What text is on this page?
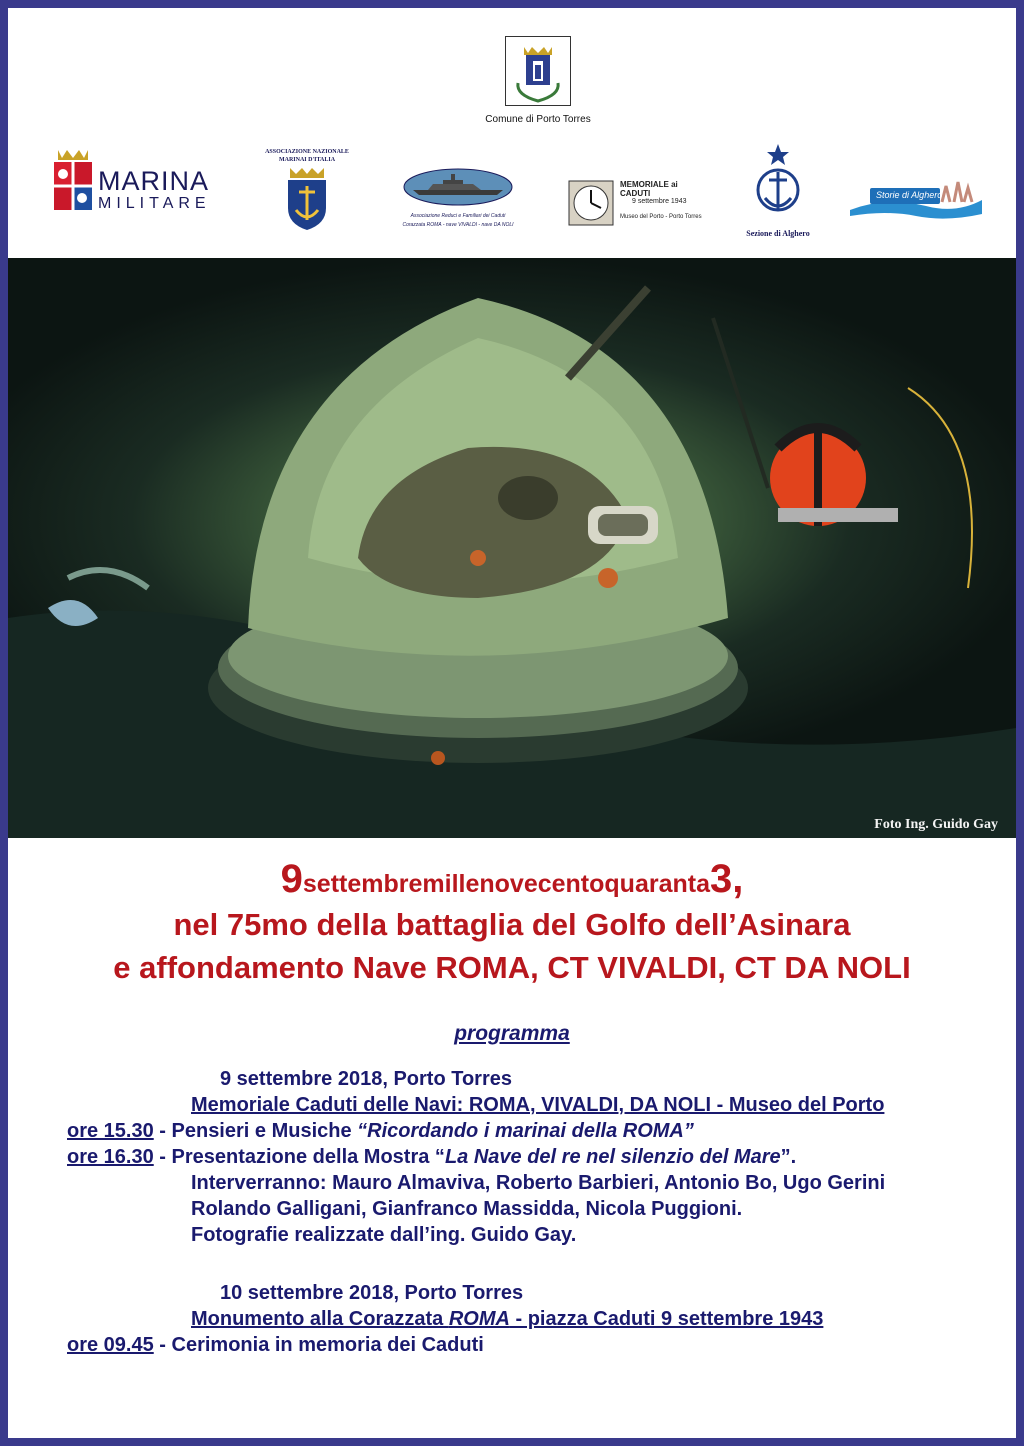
Comune di Porto Torres
MARINA
MILITARE
ASSOCIAZIONE NAZIONALE
MARINAI D'ITALIA
Associazione Reduci e Familiari dei Caduti
Corazzata ROMA - nave VIVALDI - nave DA NOLI
MEMORIALE ai CADUTI
9 settembre 1943
Museo del Porto - Porto Torres
Sezione di Alghero
Storie di Alghero
Foto Ing. Guido Gay
9settembremillenovecentoquaranta3,
nel 75mo della battaglia del Golfo dell’Asinara
e affondamento Nave ROMA, CT VIVALDI, CT DA NOLI
programma
9 settembre 2018, Porto Torres
Memoriale Caduti delle Navi: ROMA, VIVALDI, DA NOLI - Museo del Porto
ore 15.30 - Pensieri e Musiche “Ricordando i marinai della ROMA”
ore 16.30 - Presentazione della Mostra “La Nave del re nel silenzio del Mare”.
Interverranno: Mauro Almaviva, Roberto Barbieri, Antonio Bo, Ugo Gerini
Rolando Galligani, Gianfranco Massidda, Nicola Puggioni.
Fotografie realizzate dall’ing. Guido Gay.
10 settembre 2018, Porto Torres
Monumento alla Corazzata ROMA - piazza Caduti 9 settembre 1943
ore 09.45 - Cerimonia in memoria dei Caduti
